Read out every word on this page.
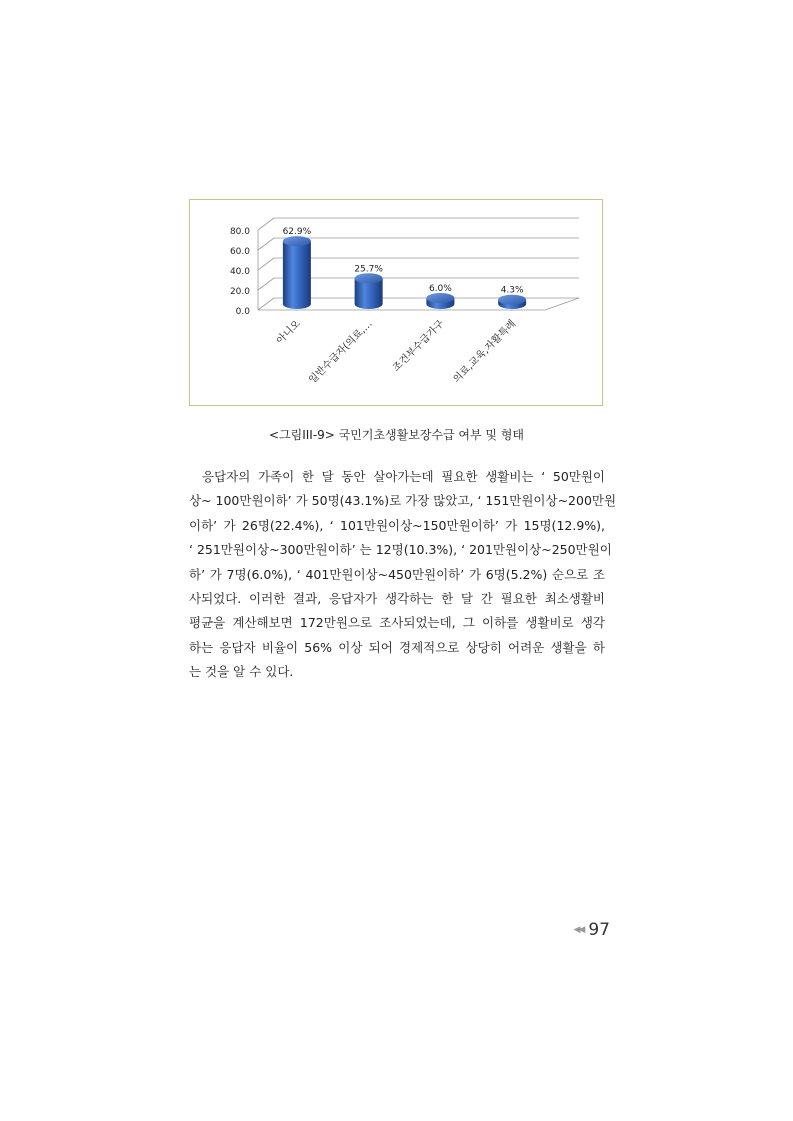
0.0
20.0
40.0
60.0
80.0	62.9%
아니오
25.7%
일반수급자(의료,…
6.0%
조건부수급가구
4.3%
의료,교육,자활특례
<그림III-9> 국민기초생활보장수급 여부 및 형태
응답자의 가족이 한 달 동안 살아가는데 필요한 생활비는 ‘ 50만원이
상~ 100만원이하’ 가 50명(43.1%)로 가장 많았고, ‘ 151만원이상~200만원
이하’ 가 26명(22.4%), ‘ 101만원이상~150만원이하’ 가 15명(12.9%),
‘ 251만원이상~300만원이하’ 는 12명(10.3%), ‘ 201만원이상~250만원이
하’ 가 7명(6.0%), ‘ 401만원이상~450만원이하’ 가 6명(5.2%) 순으로 조
사되었다. 이러한 결과, 응답자가 생각하는 한 달 간 필요한 최소생활비
평균을 계산해보면 172만원으로 조사되었는데, 그 이하를 생활비로 생각
하는 응답자 비율이 56% 이상 되어 경제적으로 상당히 어려운 생활을 하
는 것을 알 수 있다.
◀◀ 97
